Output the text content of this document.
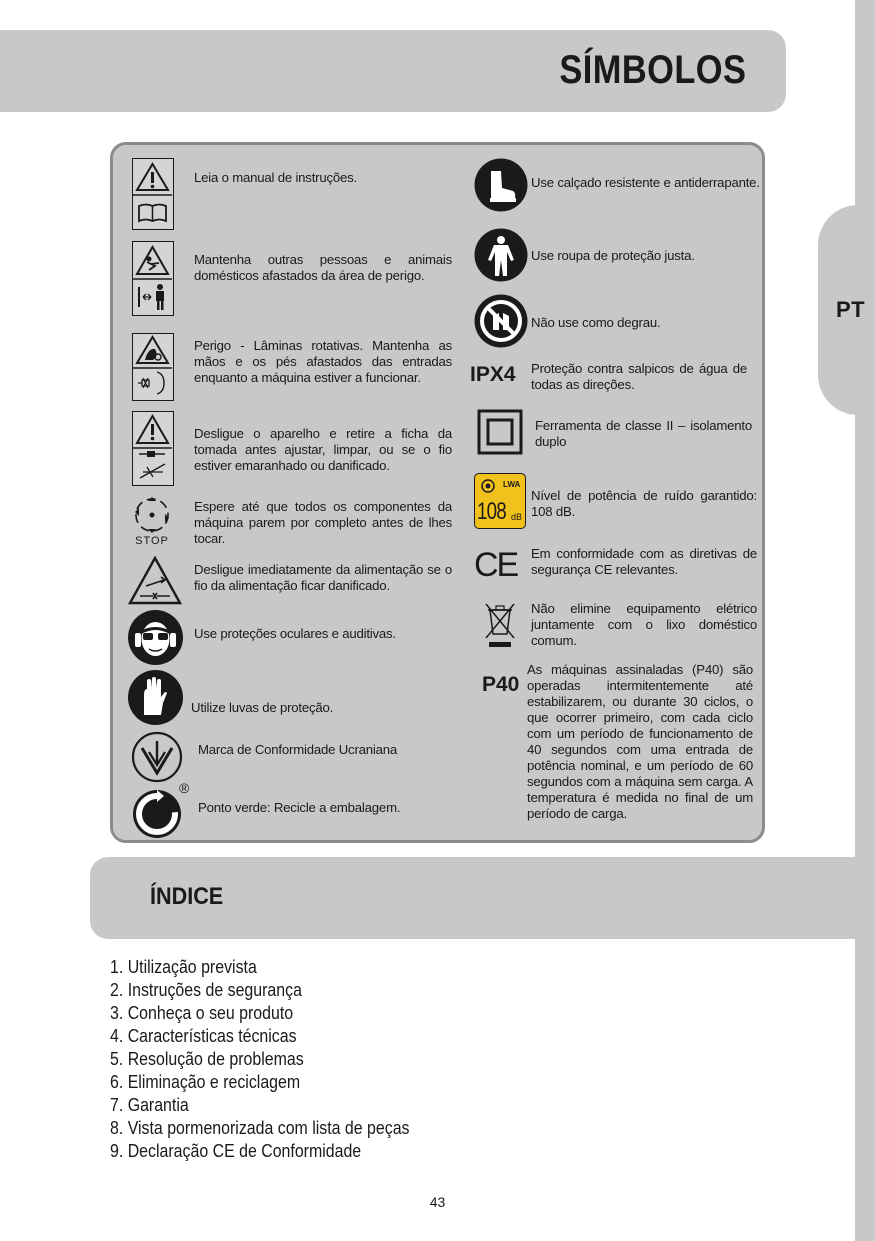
PT
SÍMBOLOS
Leia o manual de instruções.
Mantenha outras pessoas e animais domésticos afastados da área de perigo.
Perigo - Lâminas rotativas. Mantenha as mãos e os pés afastados das entradas enquanto a máquina estiver a funcionar.
Desligue o aparelho e retire a ficha da tomada antes ajustar, limpar, ou se o fio estiver emaranhado ou danificado.
STOP
Espere até que todos os componentes da máquina parem por completo antes de lhes tocar.
Desligue imediatamente da alimentação se o fio da alimentação ficar danificado.
Use proteções oculares e auditivas.
Utilize luvas de proteção.
Marca de Conformidade Ucraniana
®
Ponto verde: Recicle a embalagem.
Use calçado resistente e antiderrapante.
Use roupa de proteção justa.
Não use como degrau.
IPX4	Proteção contra salpicos de água de todas as direções.
Ferramenta de classe II – isolamento duplo
LWA
108 dB
Nível de potência de ruído garantido: 108 dB.
CE	Em conformidade com as diretivas de segurança CE relevantes.
Não elimine equipamento elétrico juntamente com o lixo doméstico comum.
P40
As máquinas assinaladas (P40) são operadas intermitentemente até estabilizarem, ou durante 30 ciclos, o que ocorrer primeiro, com cada ciclo com um período de funcionamento de 40 segundos com uma entrada de potência nominal, e um período de 60 segundos com a máquina sem carga. A temperatura é medida no final de um período de carga.
ÍNDICE
1. Utilização prevista
2. Instruções de segurança
3. Conheça o seu produto
4. Características técnicas
5. Resolução de problemas
6. Eliminação e reciclagem
7. Garantia
8. Vista pormenorizada com lista de peças
9. Declaração CE de Conformidade
43
